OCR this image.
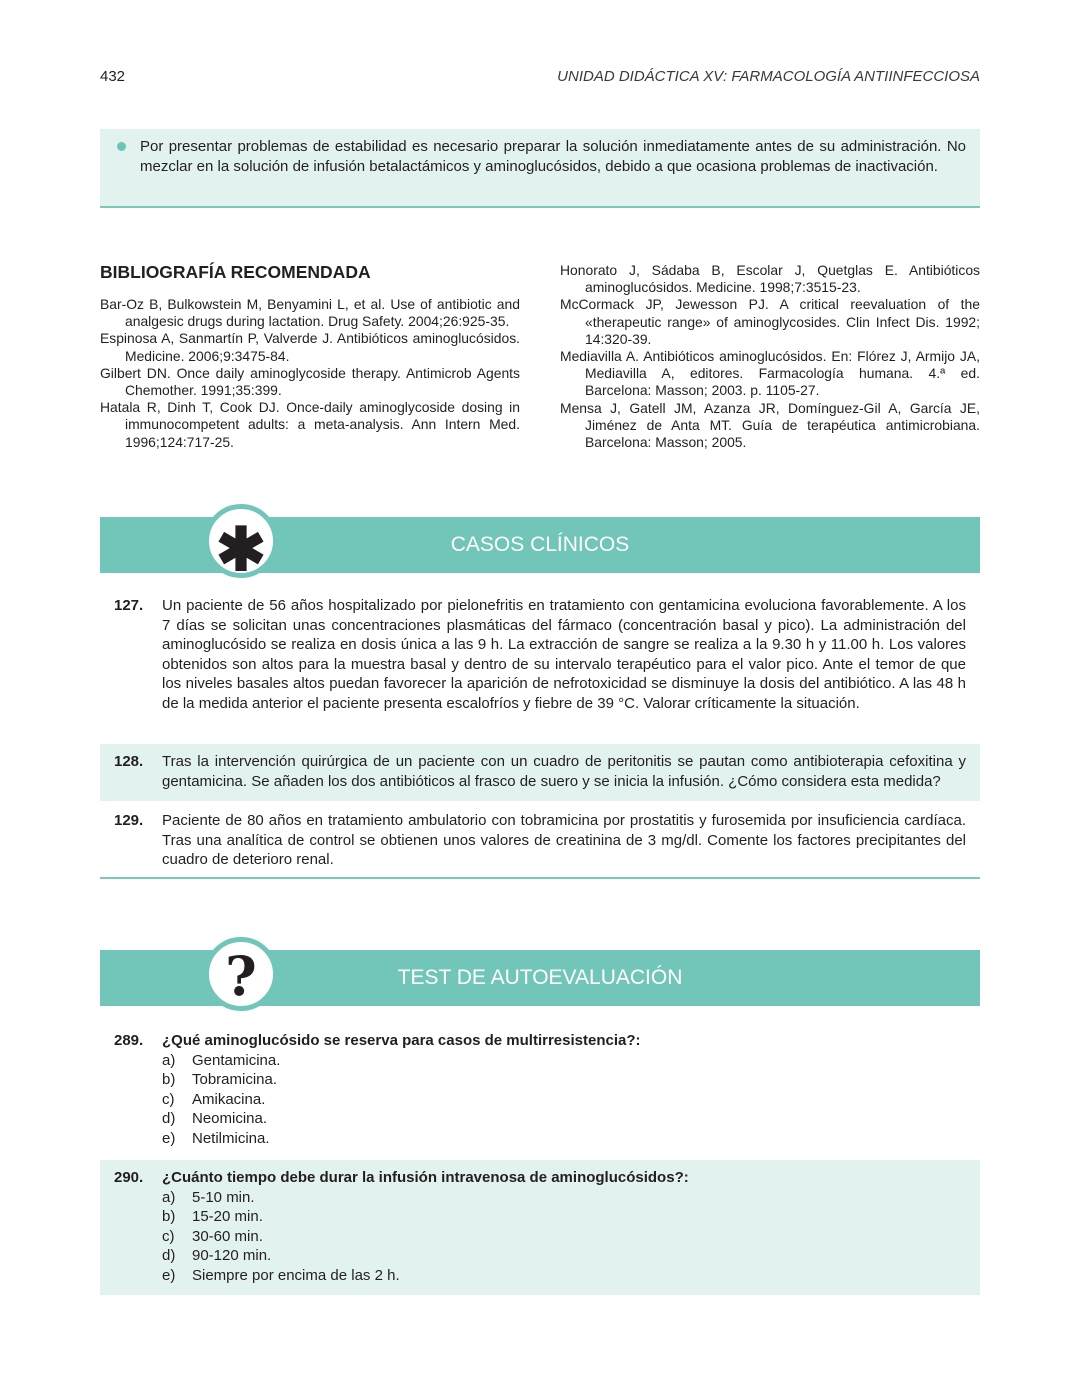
432	UNIDAD DIDÁCTICA XV: FARMACOLOGÍA ANTIINFECCIOSA
Por presentar problemas de estabilidad es necesario preparar la solución inmediatamente antes de su administración. No mezclar en la solución de infusión betalactámicos y aminoglucósidos, debido a que ocasiona problemas de inactivación.
BIBLIOGRAFÍA RECOMENDADA
Bar-Oz B, Bulkowstein M, Benyamini L, et al. Use of antibiotic and analgesic drugs during lactation. Drug Safety. 2004;26:925-35.
Espinosa A, Sanmartín P, Valverde J. Antibióticos aminoglucósidos. Medicine. 2006;9:3475-84.
Gilbert DN. Once daily aminoglycoside therapy. Antimicrob Agents Chemother. 1991;35:399.
Hatala R, Dinh T, Cook DJ. Once-daily aminoglycoside dosing in immunocompetent adults: a meta-analysis. Ann Intern Med. 1996;124:717-25.
Honorato J, Sádaba B, Escolar J, Quetglas E. Antibióticos aminoglucósidos. Medicine. 1998;7:3515-23.
McCormack JP, Jewesson PJ. A critical reevaluation of the «therapeutic range» of aminoglycosides. Clin Infect Dis. 1992; 14:320-39.
Mediavilla A. Antibióticos aminoglucósidos. En: Flórez J, Armijo JA, Mediavilla A, editores. Farmacología humana. 4.ª ed. Barcelona: Masson; 2003. p. 1105-27.
Mensa J, Gatell JM, Azanza JR, Domínguez-Gil A, García JE, Jiménez de Anta MT. Guía de terapéutica antimicrobiana. Barcelona: Masson; 2005.
✱	CASOS CLÍNICOS
127. Un paciente de 56 años hospitalizado por pielonefritis en tratamiento con gentamicina evoluciona favorablemente. A los 7 días se solicitan unas concentraciones plasmáticas del fármaco (concentración basal y pico). La administración del aminoglucósido se realiza en dosis única a las 9 h. La extracción de sangre se realiza a la 9.30 h y 11.00 h. Los valores obtenidos son altos para la muestra basal y dentro de su intervalo terapéutico para el valor pico. Ante el temor de que los niveles basales altos puedan favorecer la aparición de nefrotoxicidad se disminuye la dosis del antibiótico. A las 48 h de la medida anterior el paciente presenta escalofríos y fiebre de 39 °C. Valorar críticamente la situación.
128. Tras la intervención quirúrgica de un paciente con un cuadro de peritonitis se pautan como antibioterapia cefoxitina y gentamicina. Se añaden los dos antibióticos al frasco de suero y se inicia la infusión. ¿Cómo considera esta medida?
129. Paciente de 80 años en tratamiento ambulatorio con tobramicina por prostatitis y furosemida por insuficiencia cardíaca. Tras una analítica de control se obtienen unos valores de creatinina de 3 mg/dl. Comente los factores precipitantes del cuadro de deterioro renal.
?	TEST DE AUTOEVALUACIÓN
289. ¿Qué aminoglucósido se reserva para casos de multirresistencia?:
a) Gentamicina.
b) Tobramicina.
c) Amikacina.
d) Neomicina.
e) Netilmicina.
290. ¿Cuánto tiempo debe durar la infusión intravenosa de aminoglucósidos?:
a) 5-10 min.
b) 15-20 min.
c) 30-60 min.
d) 90-120 min.
e) Siempre por encima de las 2 h.
